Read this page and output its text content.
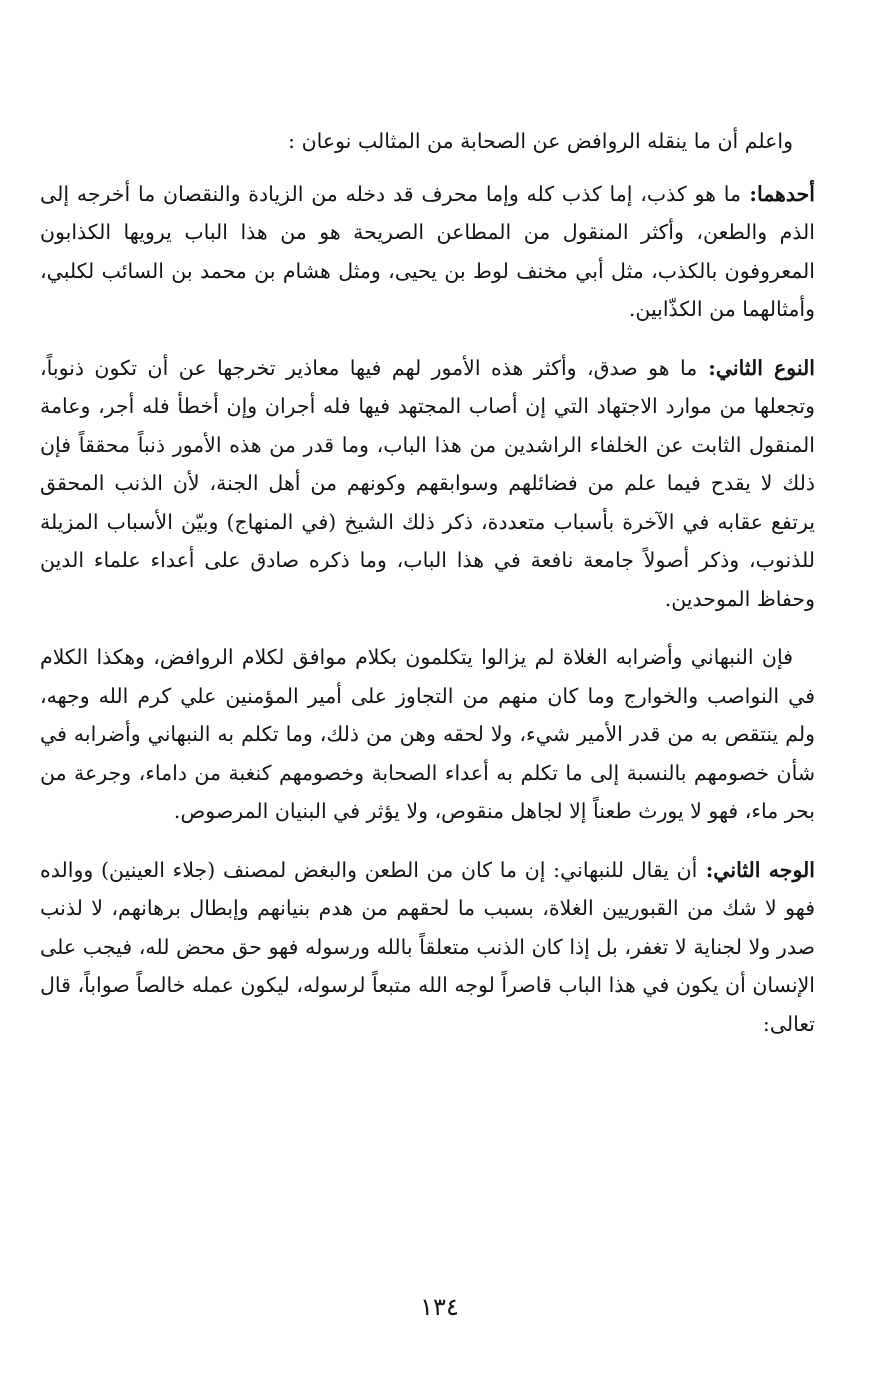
واعلم أن ما ينقله الروافض عن الصحابة من المثالب نوعان :

أحدهما: ما هو كذب، إما كذب كله وإما محرف قد دخله من الزيادة والنقصان ما أخرجه إلى الذم والطعن، وأكثر المنقول من المطاعن الصريحة هو من هذا الباب يرويها الكذابون المعروفون بالكذب، مثل أبي مخنف لوط بن يحيى، ومثل هشام بن محمد بن السائب لكلبي، وأمثالهما من الكذّابين.

النوع الثاني: ما هو صدق، وأكثر هذه الأمور لهم فيها معاذير تخرجها عن أن تكون ذنوباً، وتجعلها من موارد الاجتهاد التي إن أصاب المجتهد فيها فله أجران وإن أخطأ فله أجر، وعامة المنقول الثابت عن الخلفاء الراشدين من هذا الباب، وما قدر من هذه الأمور ذنباً محققاً فإن ذلك لا يقدح فيما علم من فضائلهم وسوابقهم وكونهم من أهل الجنة، لأن الذنب المحقق يرتفع عقابه في الآخرة بأسباب متعددة، ذكر ذلك الشيخ (في المنهاج) وبيّن الأسباب المزيلة للذنوب، وذكر أصولاً جامعة نافعة في هذا الباب، وما ذكره صادق على أعداء علماء الدين وحفاظ الموحدين.

فإن النبهاني وأضرابه الغلاة لم يزالوا يتكلمون بكلام موافق لكلام الروافض، وهكذا الكلام في النواصب والخوارج وما كان منهم من التجاوز على أمير المؤمنين علي كرم الله وجهه، ولم ينتقص به من قدر الأمير شيء، ولا لحقه وهن من ذلك، وما تكلم به النبهاني وأضرابه في شأن خصومهم بالنسبة إلى ما تكلم به أعداء الصحابة وخصومهم كنغبة من داماء، وجرعة من بحر ماء، فهو لا يورث طعناً إلا لجاهل منقوص، ولا يؤثر في البنيان المرصوص.

الوجه الثاني: أن يقال للنبهاني: إن ما كان من الطعن والبغض لمصنف (جلاء العينين) ووالده فهو لا شك من القبوريين الغلاة، بسبب ما لحقهم من هدم بنيانهم وإبطال برهانهم، لا لذنب صدر ولا لجناية لا تغفر، بل إذا كان الذنب متعلقاً بالله ورسوله فهو حق محض لله، فيجب على الإنسان أن يكون في هذا الباب قاصراً لوجه الله متبعاً لرسوله، ليكون عمله خالصاً صواباً، قال تعالى:

١٣٤
